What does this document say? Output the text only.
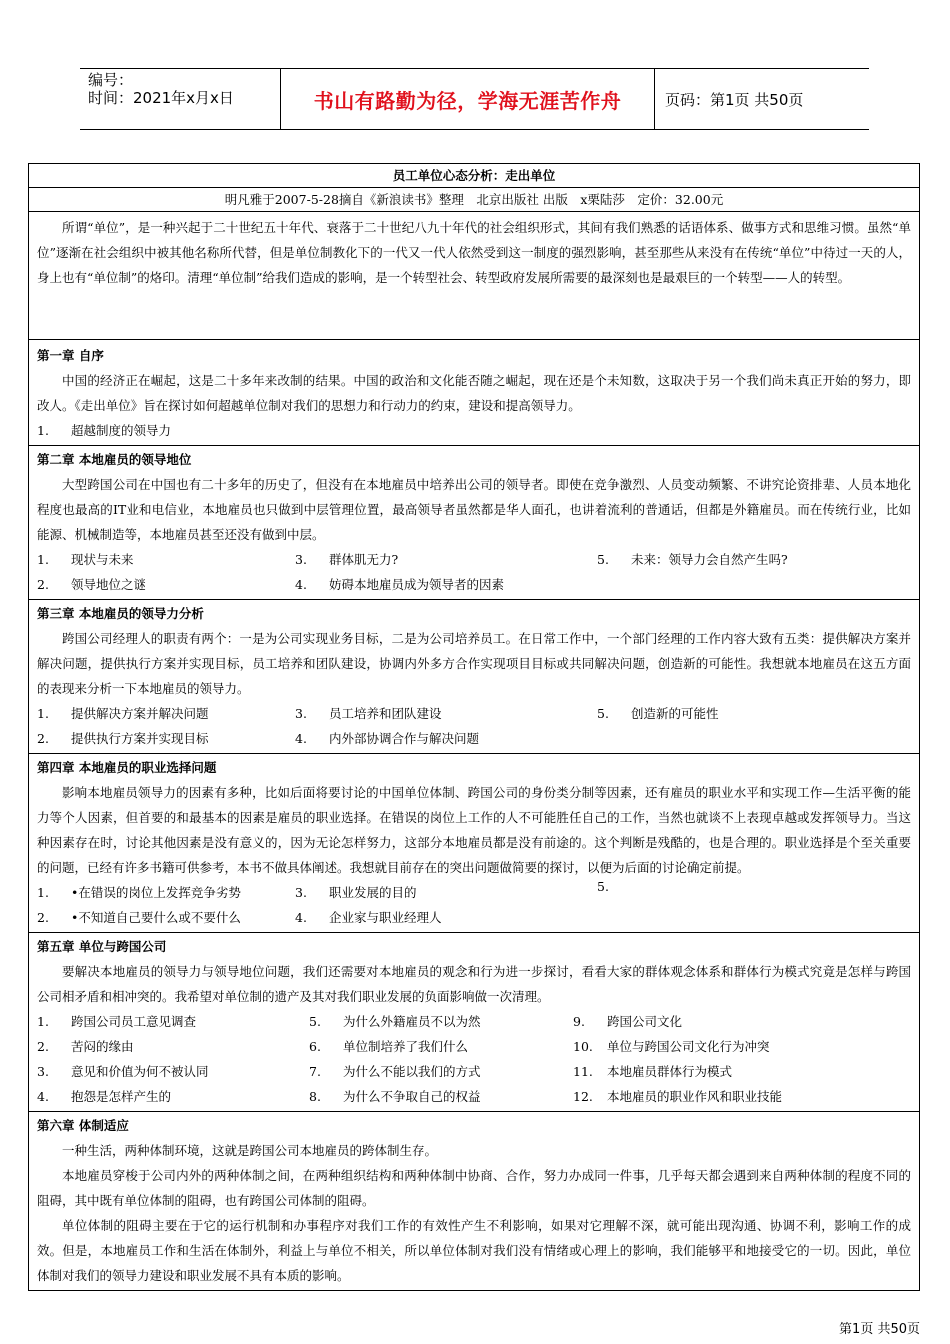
编号：
时间：2021年x月x日	书山有路勤为径，学海无涯苦作舟	页码：第1页 共50页
员工单位心态分析：走出单位
明凡雅于2007-5-28摘自《新浪读书》整理　北京出版社 出版　x栗陆莎　定价：32.00元

所谓“单位”，是一种兴起于二十世纪五十年代、衰落于二十世纪八九十年代的社会组织形式，其间有我们熟悉的话语体系、做事方式和思维习惯。虽然“单位”逐渐在社会组织中被其他名称所代替，但是单位制教化下的一代又一代人依然受到这一制度的强烈影响，甚至那些从来没有在传统“单位”中待过一天的人，身上也有“单位制”的烙印。清理“单位制”给我们造成的影响，是一个转型社会、转型政府发展所需要的最深刻也是最艰巨的一个转型——人的转型。

第一章 自序

中国的经济正在崛起，这是二十多年来改制的结果。中国的政治和文化能否随之崛起，现在还是个未知数，这取决于另一个我们尚未真正开始的努力，即改人。《走出单位》旨在探讨如何超越单位制对我们的思想力和行动力的约束，建设和提高领导力。

1.	超越制度的领导力
第二章 本地雇员的领导地位

大型跨国公司在中国也有二十多年的历史了，但没有在本地雇员中培养出公司的领导者。即使在竞争激烈、人员变动频繁、不讲究论资排辈、人员本地化程度也最高的IT业和电信业，本地雇员也只做到中层管理位置，最高领导者虽然都是华人面孔，也讲着流利的普通话，但都是外籍雇员。而在传统行业，比如能源、机械制造等，本地雇员甚至还没有做到中层。

1.	现状与未来	3.	群体肌无力?	5.	未来：领导力会自然产生吗?
2.	领导地位之谜	4.	妨碍本地雇员成为领导者的因素
第三章 本地雇员的领导力分析

跨国公司经理人的职责有两个：一是为公司实现业务目标，二是为公司培养员工。在日常工作中，一个部门经理的工作内容大致有五类：提供解决方案并解决问题，提供执行方案并实现目标，员工培养和团队建设，协调内外多方合作实现项目目标或共同解决问题，创造新的可能性。我想就本地雇员在这五方面的表现来分析一下本地雇员的领导力。

1.	提供解决方案并解决问题	3.	员工培养和团队建设	5.	创造新的可能性
2.	提供执行方案并实现目标	4.	内外部协调合作与解决问题
第四章 本地雇员的职业选择问题

影响本地雇员领导力的因素有多种，比如后面将要讨论的中国单位体制、跨国公司的身份类分制等因素，还有雇员的职业水平和实现工作—生活平衡的能力等个人因素，但首要的和最基本的因素是雇员的职业选择。在错误的岗位上工作的人不可能胜任自己的工作，当然也就谈不上表现卓越或发挥领导力。当这种因素存在时，讨论其他因素是没有意义的，因为无论怎样努力，这部分本地雇员都是没有前途的。这个判断是残酷的，也是合理的。职业选择是个至关重要的问题，已经有许多书籍可供参考，本书不做具体阐述。我想就目前存在的突出问题做简要的探讨，以便为后面的讨论确定前提。

1.	•在错误的岗位上发挥竞争劣势	3.	职业发展的目的	5.
2.	•不知道自己要什么或不要什么	4.	企业家与职业经理人
第五章 单位与跨国公司

要解决本地雇员的领导力与领导地位问题，我们还需要对本地雇员的观念和行为进一步探讨，看看大家的群体观念体系和群体行为模式究竟是怎样与跨国公司相矛盾和相冲突的。我希望对单位制的遗产及其对我们职业发展的负面影响做一次清理。

1.	跨国公司员工意见调查	5.	为什么外籍雇员不以为然	9.	跨国公司文化
2.	苦闷的缘由	6.	单位制培养了我们什么	10.	单位与跨国公司文化行为冲突
3.	意见和价值为何不被认同	7.	为什么不能以我们的方式	11.	本地雇员群体行为模式
4.	抱怨是怎样产生的	8.	为什么不争取自己的权益	12.	本地雇员的职业作风和职业技能
第六章 体制适应

一种生活，两种体制环境，这就是跨国公司本地雇员的跨体制生存。

本地雇员穿梭于公司内外的两种体制之间，在两种组织结构和两种体制中协商、合作，努力办成同一件事，几乎每天都会遇到来自两种体制的程度不同的阻碍，其中既有单位体制的阻碍，也有跨国公司体制的阻碍。

单位体制的阻碍主要在于它的运行机制和办事程序对我们工作的有效性产生不利影响，如果对它理解不深，就可能出现沟通、协调不利，影响工作的成效。但是，本地雇员工作和生活在体制外，利益上与单位不相关，所以单位体制对我们没有情绪或心理上的影响，我们能够平和地接受它的一切。因此，单位体制对我们的领导力建设和职业发展不具有本质的影响。

第1页 共50页
